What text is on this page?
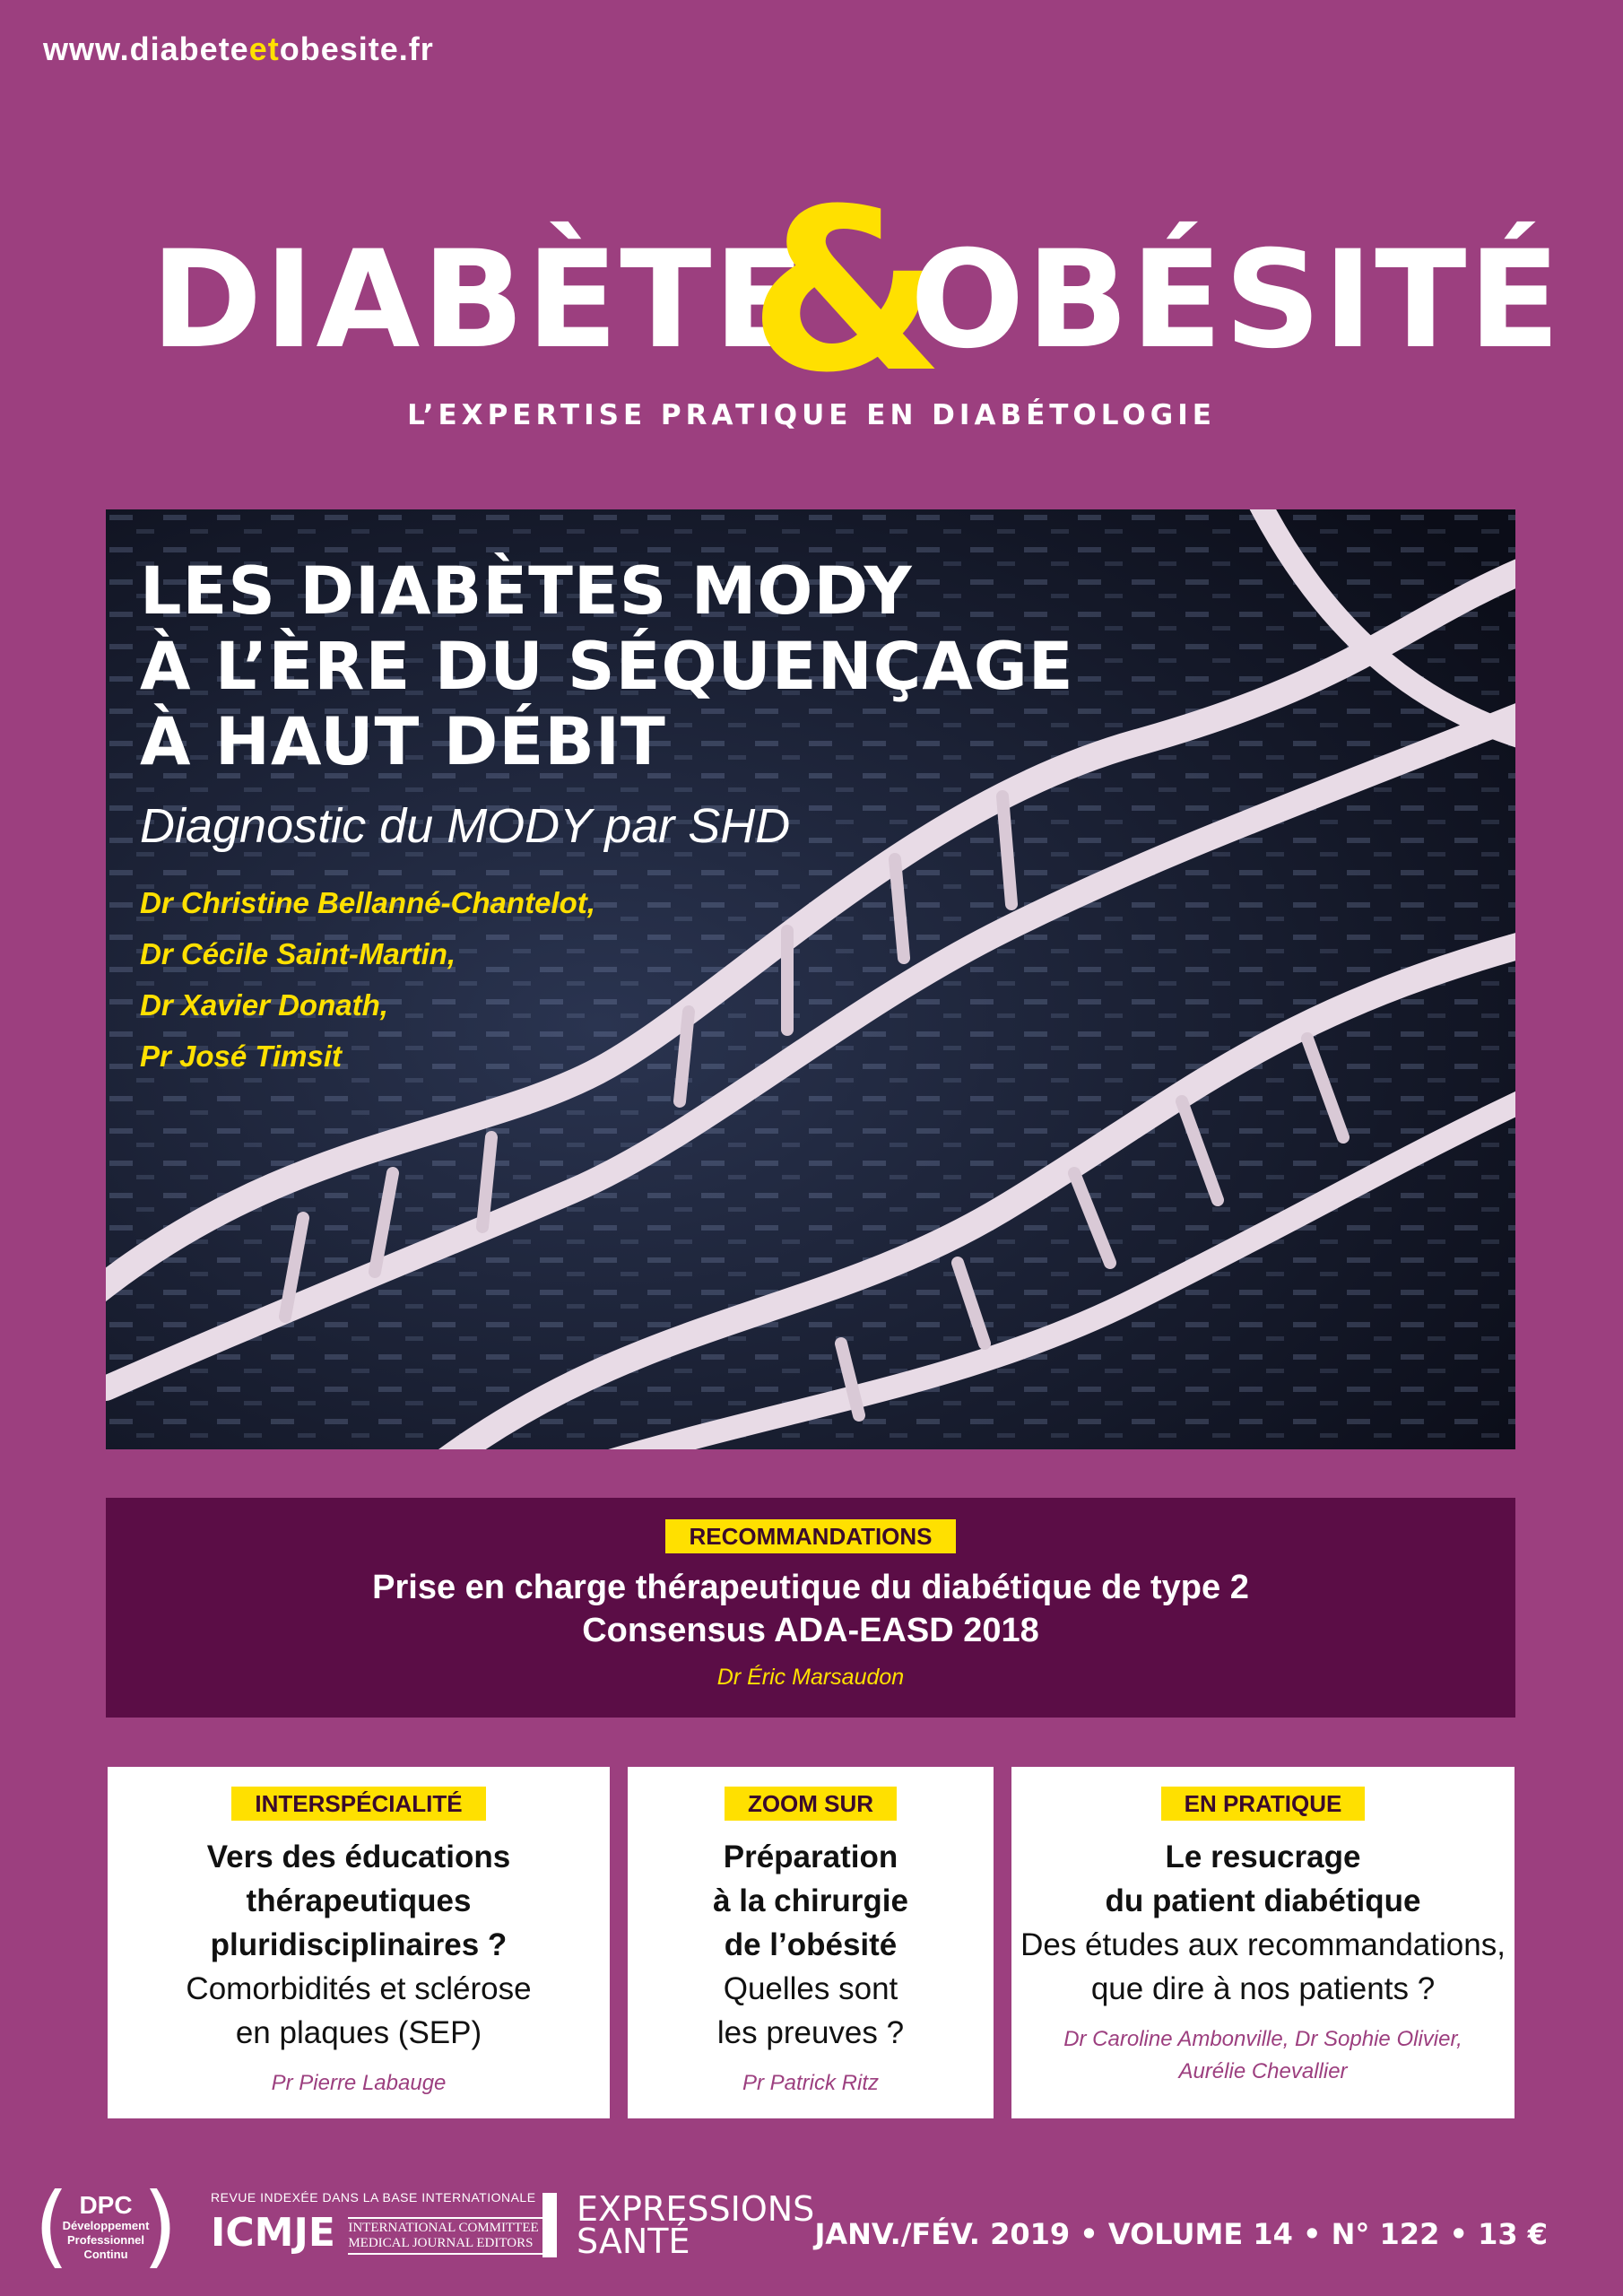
www.diabeteetobesite.fr
DIABÈTE
&
OBÉSITÉ
L’EXPERTISE PRATIQUE EN DIABÉTOLOGIE
LES DIABÈTES MODY
À L’ÈRE DU SÉQUENÇAGE
À HAUT DÉBIT
Diagnostic du MODY par SHD
Dr Christine Bellanné-Chantelot,
Dr Cécile Saint-Martin,
Dr Xavier Donath,
Pr José Timsit
RECOMMANDATIONS
Prise en charge thérapeutique du diabétique de type 2
Consensus ADA-EASD 2018
Dr Éric Marsaudon
INTERSPÉCIALITÉ
Vers des éducations
thérapeutiques
pluridisciplinaires ?
Comorbidités et sclérose
en plaques (SEP)
Pr Pierre Labauge
ZOOM SUR
Préparation
à la chirurgie
de l’obésité
Quelles sont
les preuves ?
Pr Patrick Ritz
EN PRATIQUE
Le resucrage
du patient diabétique
Des études aux recommandations,
que dire à nos patients ?
Dr Caroline Ambonville, Dr Sophie Olivier,
Aurélie Chevallier
( DPC
Développement
Professionnel
Continu )	REVUE INDEXÉE DANS LA BASE INTERNATIONALE
ICMJE INTERNATIONAL COMMITTEE of
MEDICAL JOURNAL EDITORS
EXPRESSIONS
SANTÉ	JANV./FÉV. 2019 • VOLUME 14 • N° 122 • 13 €
